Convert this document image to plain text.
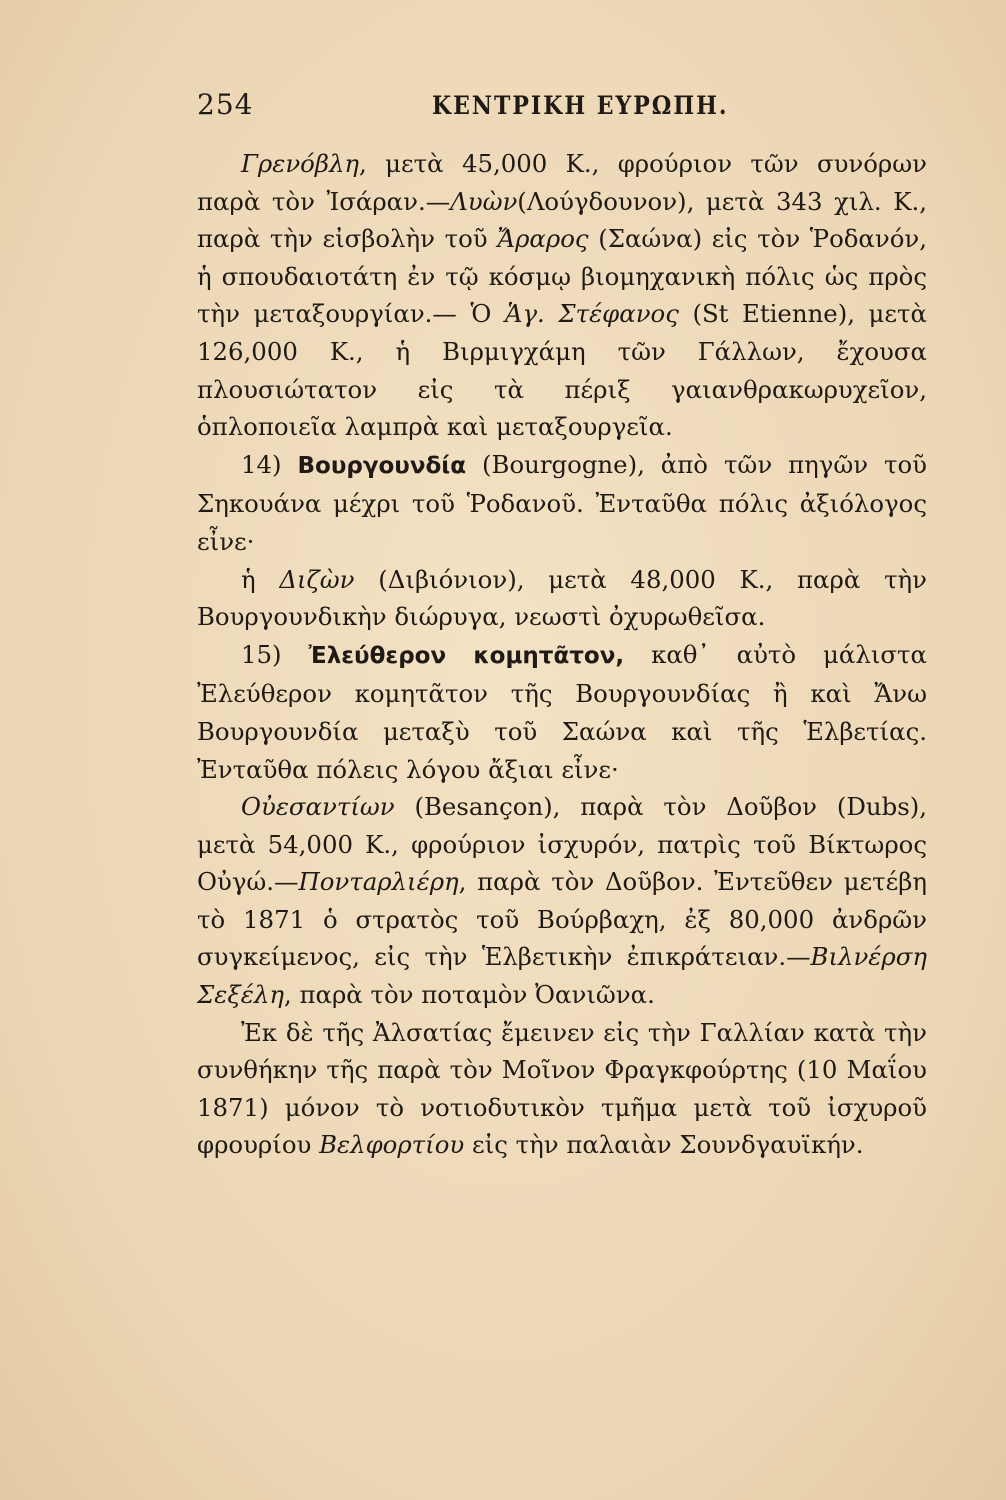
254	ΚΕΝΤΡΙΚΗ ΕΥΡΩΠΗ.

Γρενόβλη, μετὰ 45,000 Κ., φρούριον τῶν συνόρων παρὰ τὸν Ἰσάραν.—Λυὼν(Λούγδουνον), μετὰ 343 χιλ. Κ., παρὰ τὴν εἰσβολὴν τοῦ Ἄραρος (Σαώνα) εἰς τὸν Ῥοδανόν, ἡ σπουδαιοτάτη ἐν τῷ κόσμῳ βιομηχανικὴ πόλις ὡς πρὸς τὴν μεταξουργίαν.— Ὁ Ἁγ. Στέφανος (St Etienne), μετὰ 126,000 Κ., ἡ Βιρμιγχάμη τῶν Γάλλων, ἔχουσα πλουσιώτατον εἰς τὰ πέριξ γαιανθρακωρυχεῖον, ὁπλοποιεῖα λαμπρὰ καὶ μεταξουργεῖα.

14) Βουργουνδία (Bourgogne), ἀπὸ τῶν πηγῶν τοῦ Σηκουάνα μέχρι τοῦ Ῥοδανοῦ. Ἐνταῦθα πόλις ἀξιόλογος εἶνε·

ἡ Διζὼν (Διβιόνιον), μετὰ 48,000 Κ., παρὰ τὴν Βουργουνδικὴν διώρυγα, νεωστὶ ὀχυρωθεῖσα.

15) Ἐλεύθερον κομητᾶτον, καθ᾽ αὐτὸ μάλιστα Ἐλεύθερον κομητᾶτον τῆς Βουργουνδίας ἢ καὶ Ἄνω Βουργουνδία μεταξὺ τοῦ Σαώνα καὶ τῆς Ἑλβετίας. Ἐνταῦθα πόλεις λόγου ἄξιαι εἶνε·

Οὐεσαντίων (Besançon), παρὰ τὸν Δοῦβον (Dubs), μετὰ 54,000 Κ., φρούριον ἰσχυρόν, πατρὶς τοῦ Βίκτωρος Οὐγώ.—Ποντaρλιέρη, παρὰ τὸν Δοῦβον. Ἐντεῦθεν μετέβη τὸ 1871 ὁ στρατὸς τοῦ Βούρβαχη, ἐξ 80,000 ἀνδρῶν συγκείμενος, εἰς τὴν Ἑλβετικὴν ἐπικράτειαν.—Βιλνέρση Σεξέλη, παρὰ τὸν ποταμὸν Ὀανιῶνα.

Ἐκ δὲ τῆς Ἀλσατίας ἔμεινεν εἰς τὴν Γαλλίαν κατὰ τὴν συνθήκην τῆς παρὰ τὸν Μοῖνον Φραγκφούρτης (10 Μαΐου 1871) μόνον τὸ νοτιοδυτικὸν τμῆμα μετὰ τοῦ ἰσχυροῦ φρουρίου Βελφορτίου εἰς τὴν παλαιὰν Σουνδγαυϊκήν.
